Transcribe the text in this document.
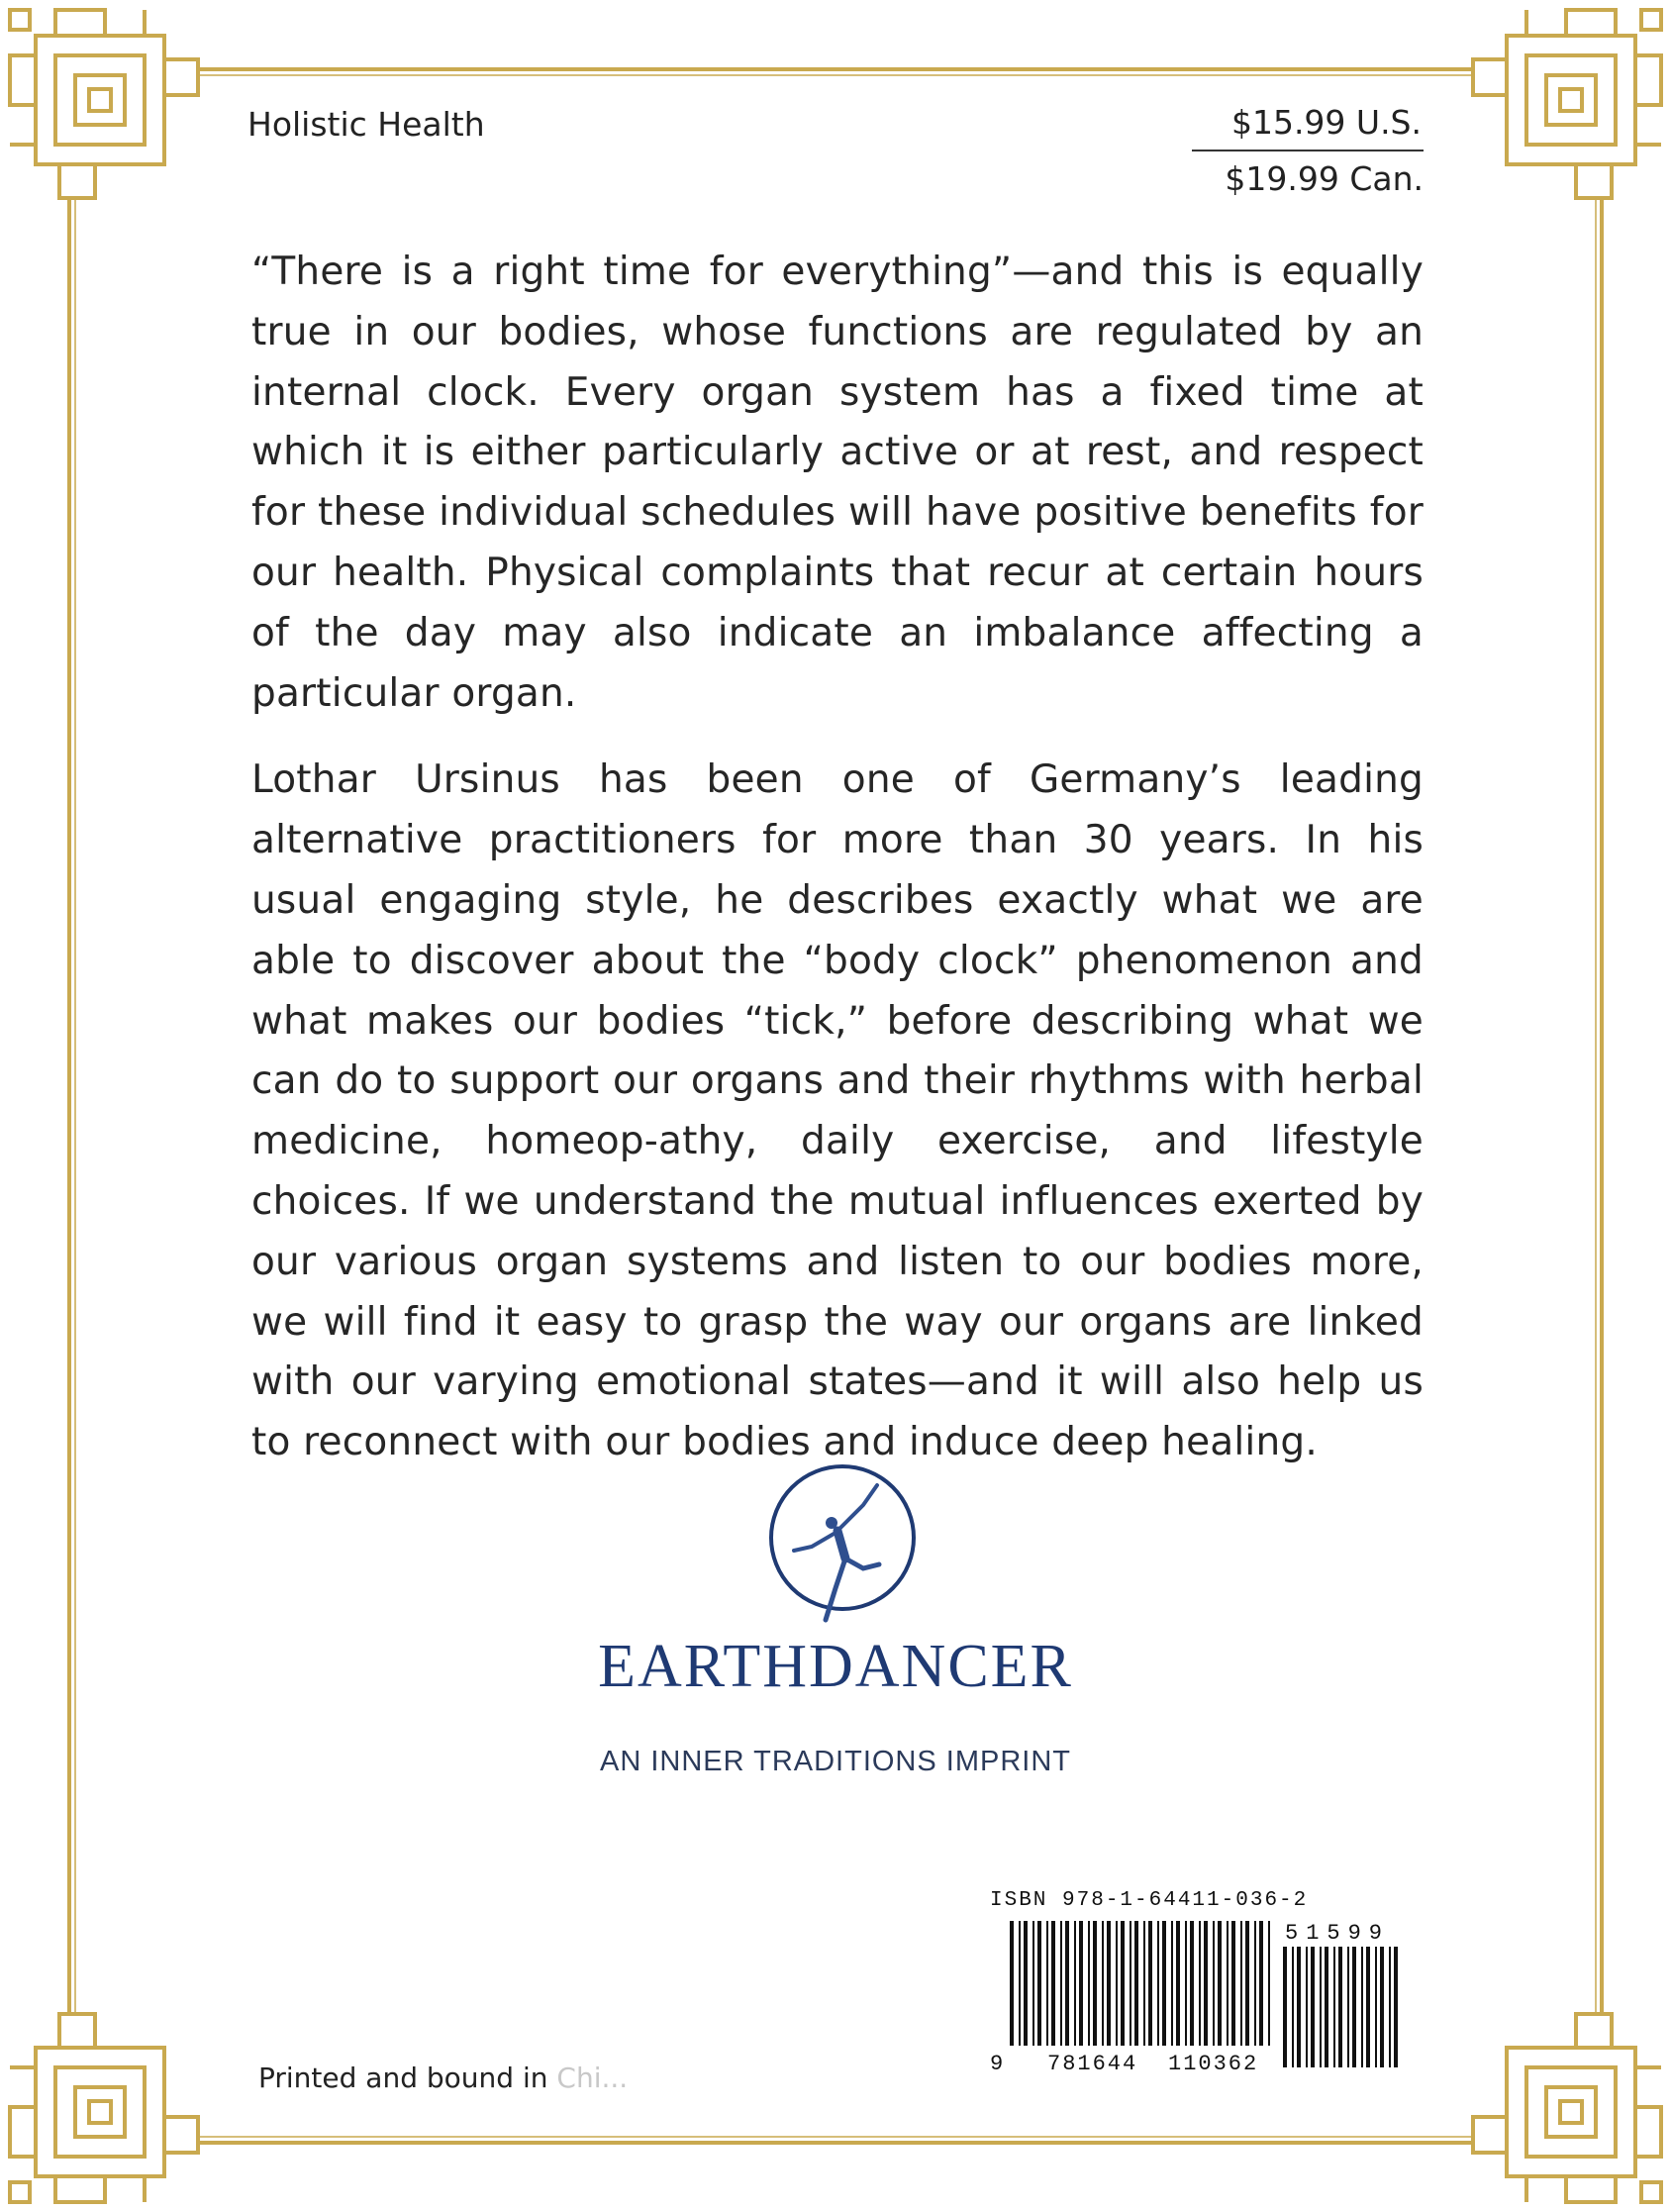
Holistic Health	$15.99 U.S.
$19.99 Can.

“There is a right time for everything”—and this is equally true in our bodies, whose functions are regulated by an internal clock. Every organ system has a fixed time at which it is either particularly active or at rest, and respect for these individual schedules will have positive benefits for our health. Physical complaints that recur at certain hours of the day may also indicate an imbalance affecting a particular organ.

Lothar Ursinus has been one of Germany’s leading alternative practitioners for more than 30 years. In his usual engaging style, he describes exactly what we are able to discover about the “body clock” phenomenon and what makes our bodies “tick,” before describing what we can do to support our organs and their rhythms with herbal medicine, homeop-athy, daily exercise, and lifestyle choices. If we understand the mutual influences exerted by our various organ systems and listen to our bodies more, we will find it easy to grasp the way our organs are linked with our varying emotional states—and it will also help us to reconnect with our bodies and induce deep healing.

EARTHDANCER
AN INNER TRADITIONS IMPRINT
ISBN 978-1-64411-036-2
9 781644 110362
51599
Printed and bound in Chi...
